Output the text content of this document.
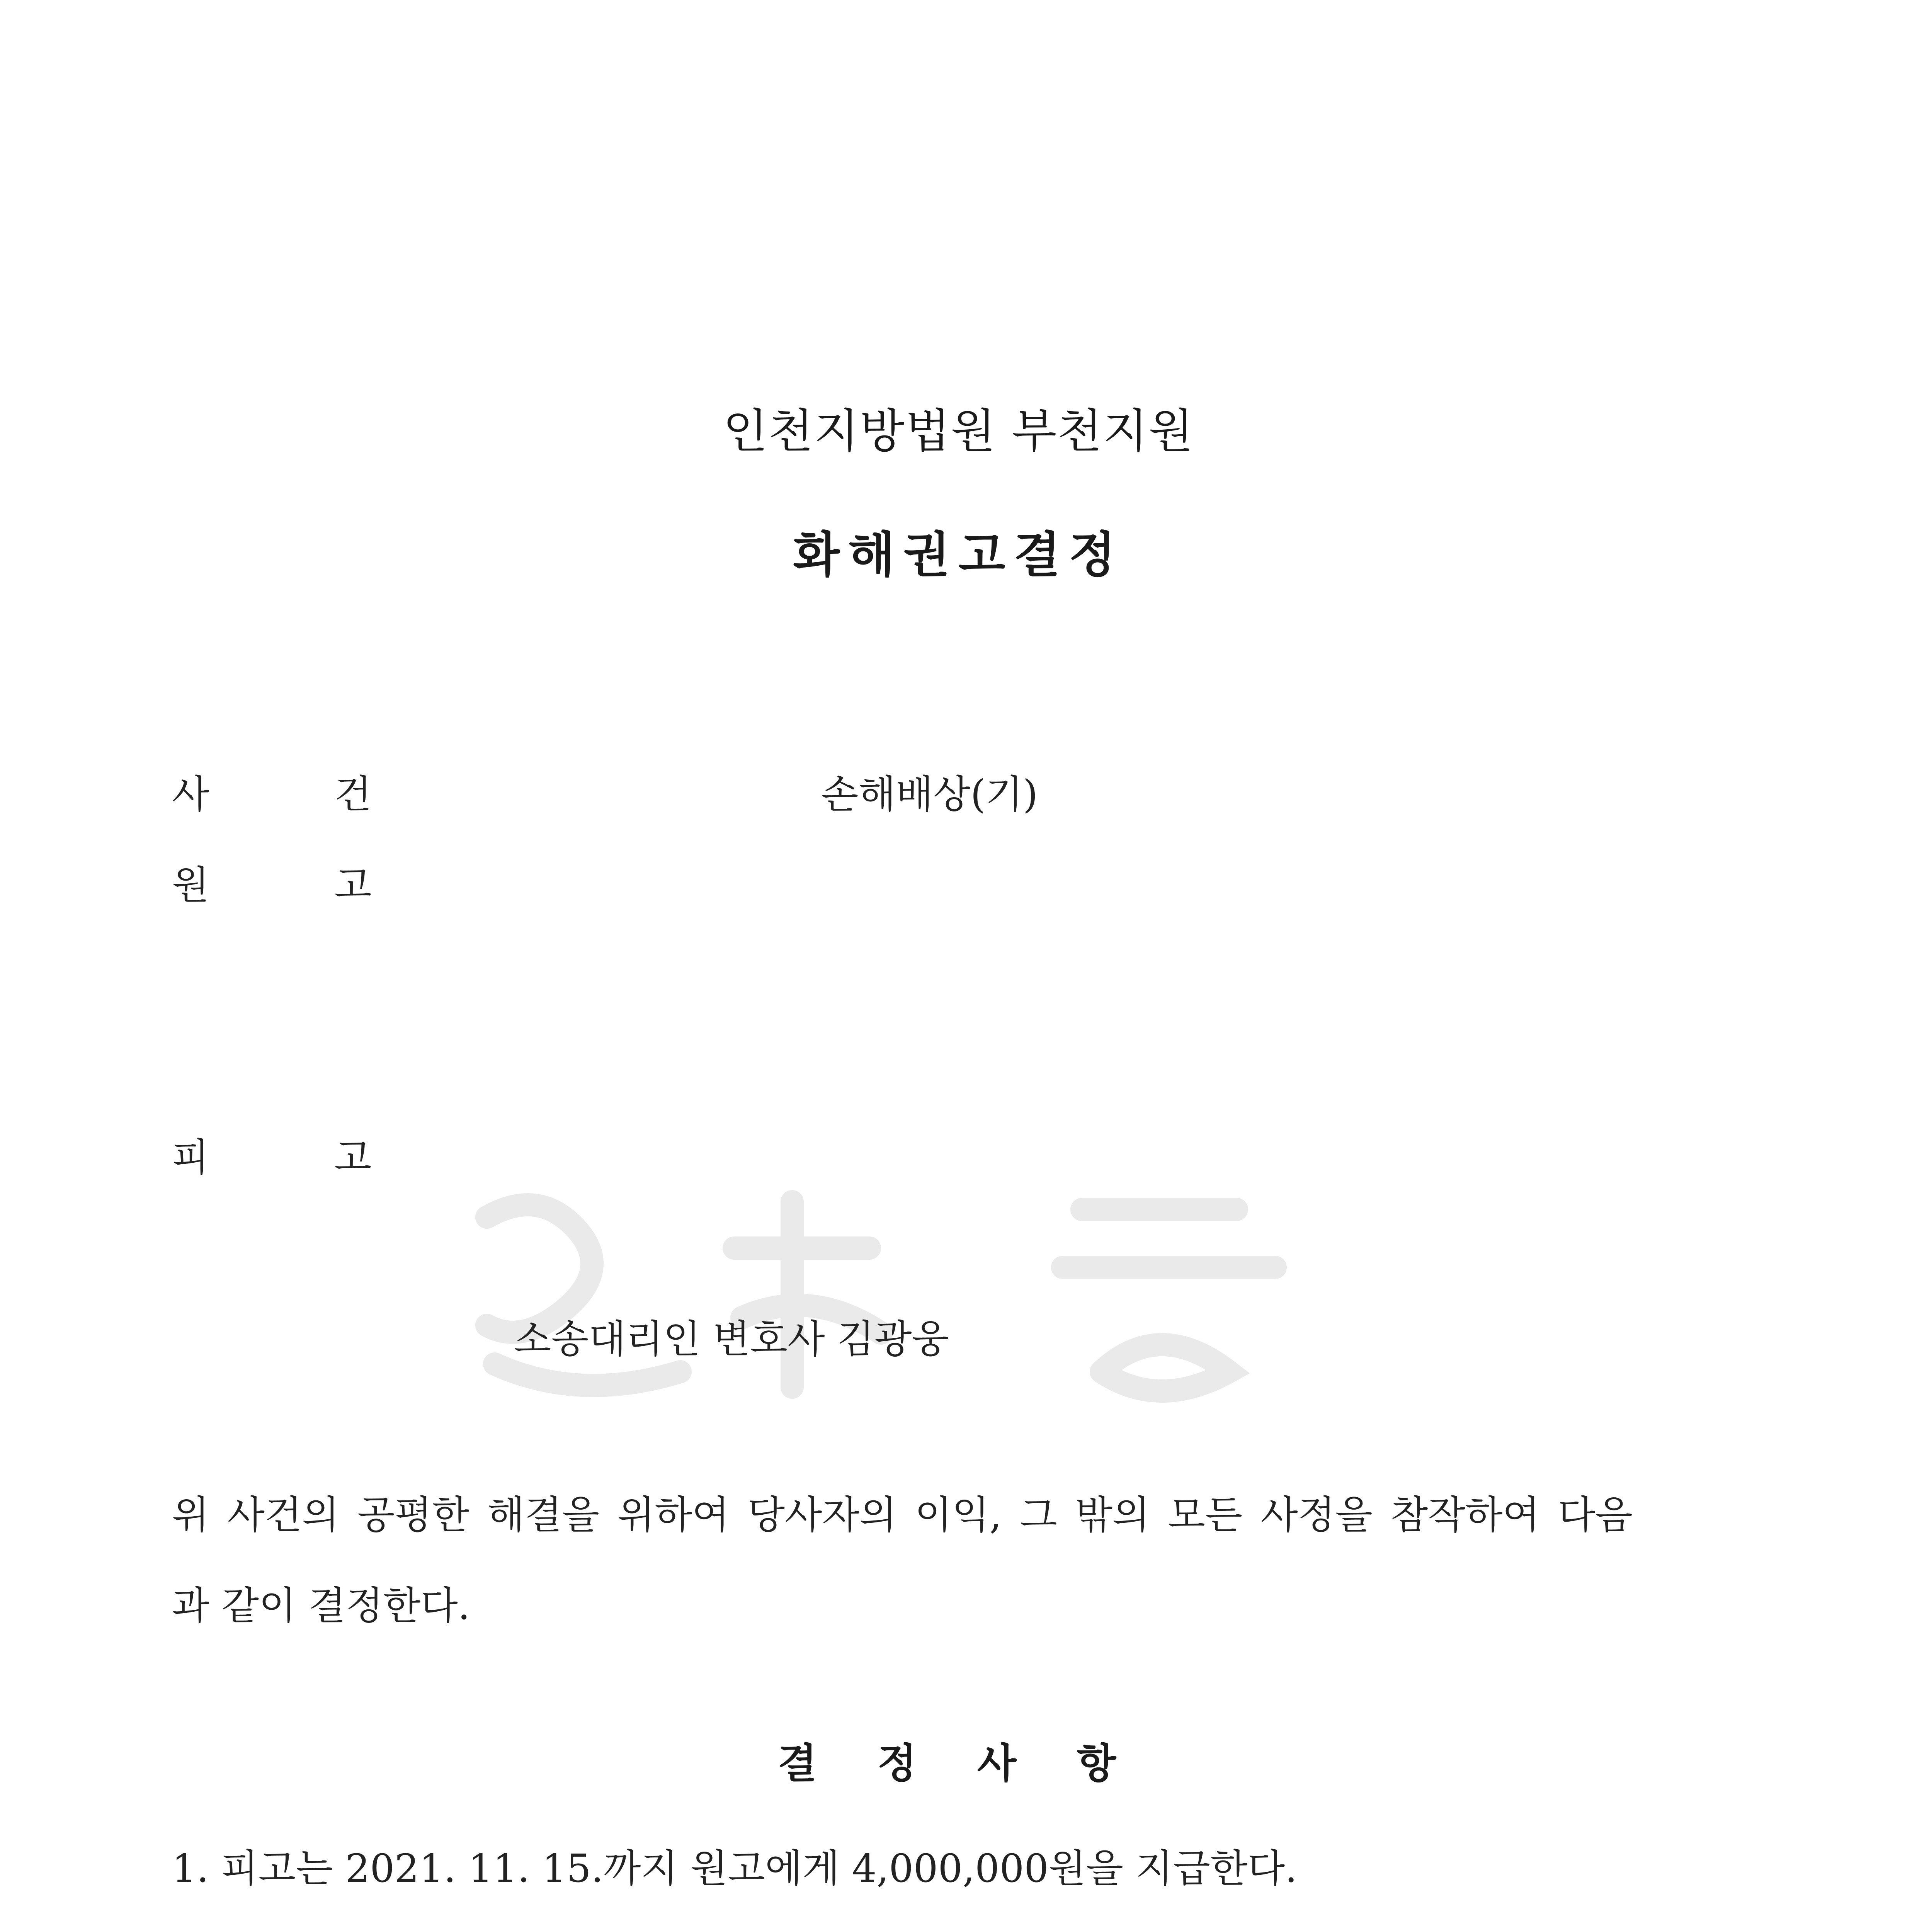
인천지방법원 부천지원
화해권고결정
사	건	손해배상(기)
원	고
피	고
소송대리인 변호사 김광웅
위 사건의 공평한 해결을 위하여 당사자의 이익, 그 밖의 모든 사정을 참작하여 다음
과 같이 결정한다.
결 정 사 항
1. 피고는 2021. 11. 15.까지 원고에게 4,000,000원을 지급한다.
